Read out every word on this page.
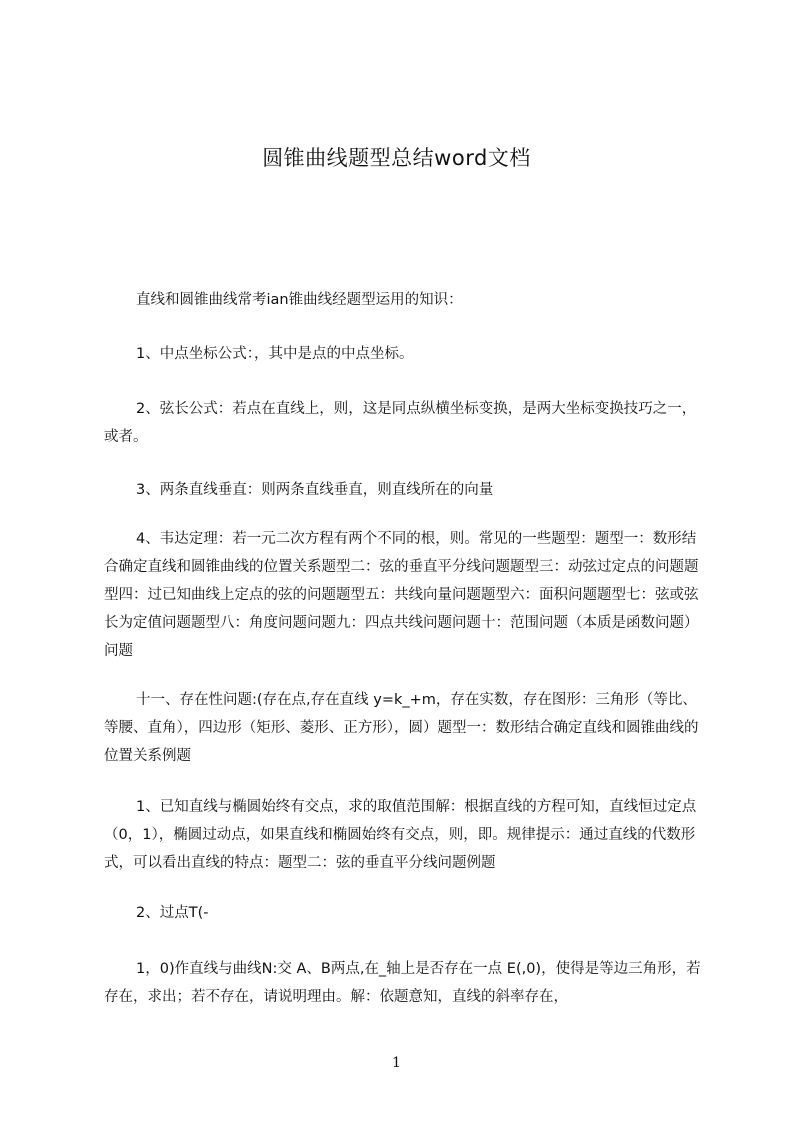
圆锥曲线题型总结word文档
直线和圆锥曲线常考ian锥曲线经题型运用的知识：
1、中点坐标公式：，其中是点的中点坐标。
2、弦长公式：若点在直线上，则，这是同点纵横坐标变换，是两大坐标变换技巧之一，或者。
3、两条直线垂直：则两条直线垂直，则直线所在的向量
4、韦达定理：若一元二次方程有两个不同的根，则。常见的一些题型：题型一：数形结合确定直线和圆锥曲线的位置关系题型二：弦的垂直平分线问题题型三：动弦过定点的问题题型四：过已知曲线上定点的弦的问题题型五：共线向量问题题型六：面积问题题型七：弦或弦长为定值问题题型八：角度问题问题九：四点共线问题问题十：范围问题（本质是函数问题）问题
十一、存在性问题:(存在点,存在直线 y=k_+m，存在实数，存在图形：三角形（等比、等腰、直角），四边形（矩形、菱形、正方形），圆）题型一：数形结合确定直线和圆锥曲线的位置关系例题
1、已知直线与椭圆始终有交点，求的取值范围解：根据直线的方程可知，直线恒过定点（0，1），椭圆过动点，如果直线和椭圆始终有交点，则，即。规律提示：通过直线的代数形式，可以看出直线的特点：题型二：弦的垂直平分线问题例题
2、过点T(-
1，0)作直线与曲线N:交 A、B两点,在_轴上是否存在一点 E(,0)，使得是等边三角形，若存在，求出；若不存在，请说明理由。解：依题意知，直线的斜率存在，
1
